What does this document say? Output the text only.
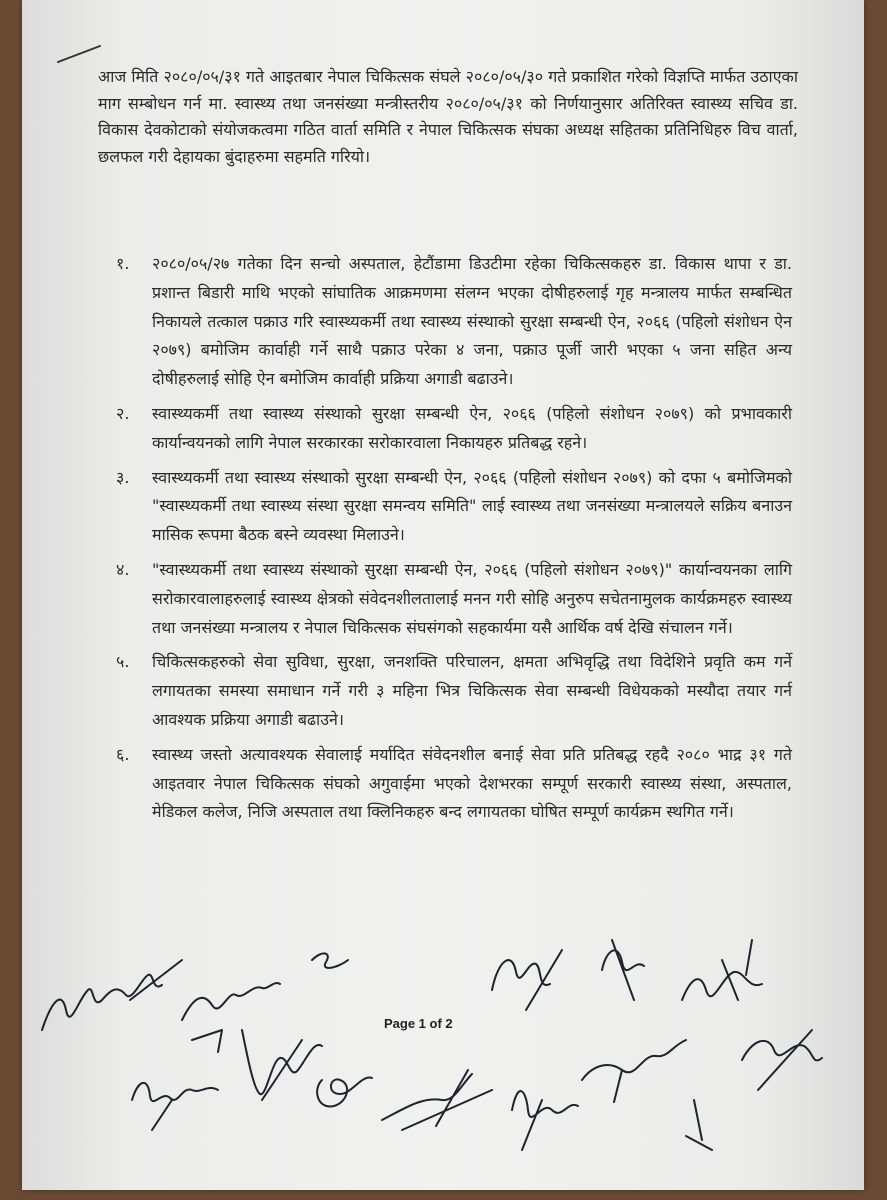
आज मिति २०८०/०५/३१ गते आइतबार नेपाल चिकित्सक संघले २०८०/०५/३० गते प्रकाशित गरेको विज्ञप्ति मार्फत उठाएका माग सम्बोधन गर्न मा. स्वास्थ्य तथा जनसंख्या मन्त्रीस्तरीय २०८०/०५/३१ को निर्णयानुसार अतिरिक्त स्वास्थ्य सचिव डा. विकास देवकोटाको संयोजकत्वमा गठित वार्ता समिति र नेपाल चिकित्सक संघका अध्यक्ष सहितका प्रतिनिधिहरु विच वार्ता, छलफल गरी देहायका बुंदाहरुमा सहमति गरियो।

१. २०८०/०५/२७ गतेका दिन सन्चो अस्पताल, हेटौंडामा डिउटीमा रहेका चिकित्सकहरु डा. विकास थापा र डा. प्रशान्त बिडारी माथि भएको सांघातिक आक्रमणमा संलग्न भएका दोषीहरुलाई गृह मन्त्रालय मार्फत सम्बन्धित निकायले तत्काल पक्राउ गरि स्वास्थ्यकर्मी तथा स्वास्थ्य संस्थाको सुरक्षा सम्बन्धी ऐन, २०६६ (पहिलो संशोधन ऐन २०७९) बमोजिम कार्वाही गर्ने साथै पक्राउ परेका ४ जना, पक्राउ पूर्जी जारी भएका ५ जना सहित अन्य दोषीहरुलाई सोहि ऐन बमोजिम कार्वाही प्रक्रिया अगाडी बढाउने।
२. स्वास्थ्यकर्मी तथा स्वास्थ्य संस्थाको सुरक्षा सम्बन्धी ऐन, २०६६ (पहिलो संशोधन २०७९) को प्रभावकारी कार्यान्वयनको लागि नेपाल सरकारका सरोकारवाला निकायहरु प्रतिबद्ध रहने।
३. स्वास्थ्यकर्मी तथा स्वास्थ्य संस्थाको सुरक्षा सम्बन्धी ऐन, २०६६ (पहिलो संशोधन २०७९) को दफा ५ बमोजिमको "स्वास्थ्यकर्मी तथा स्वास्थ्य संस्था सुरक्षा समन्वय समिति" लाई स्वास्थ्य तथा जनसंख्या मन्त्रालयले सक्रिय बनाउन मासिक रूपमा बैठक बस्ने व्यवस्था मिलाउने।
४. "स्वास्थ्यकर्मी तथा स्वास्थ्य संस्थाको सुरक्षा सम्बन्धी ऐन, २०६६ (पहिलो संशोधन २०७९)" कार्यान्वयनका लागि सरोकारवालाहरुलाई स्वास्थ्य क्षेत्रको संवेदनशीलतालाई मनन गरी सोहि अनुरुप सचेतनामुलक कार्यक्रमहरु स्वास्थ्य तथा जनसंख्या मन्त्रालय र नेपाल चिकित्सक संघसंगको सहकार्यमा यसै आर्थिक वर्ष देखि संचालन गर्ने।
५. चिकित्सकहरुको सेवा सुविधा, सुरक्षा, जनशक्ति परिचालन, क्षमता अभिवृद्धि तथा विदेशिने प्रवृति कम गर्ने लगायतका समस्या समाधान गर्ने गरी ३ महिना भित्र चिकित्सक सेवा सम्बन्धी विधेयकको मस्यौदा तयार गर्न आवश्यक प्रक्रिया अगाडी बढाउने।
६. स्वास्थ्य जस्तो अत्यावश्यक सेवालाई मर्यादित संवेदनशील बनाई सेवा प्रति प्रतिबद्ध रहदै २०८० भाद्र ३१ गते आइतवार नेपाल चिकित्सक संघको अगुवाईमा भएको देशभरका सम्पूर्ण सरकारी स्वास्थ्य संस्था, अस्पताल, मेडिकल कलेज, निजि अस्पताल तथा क्लिनिकहरु बन्द लगायतका घोषित सम्पूर्ण कार्यक्रम स्थगित गर्ने।
Page 1 of 2
